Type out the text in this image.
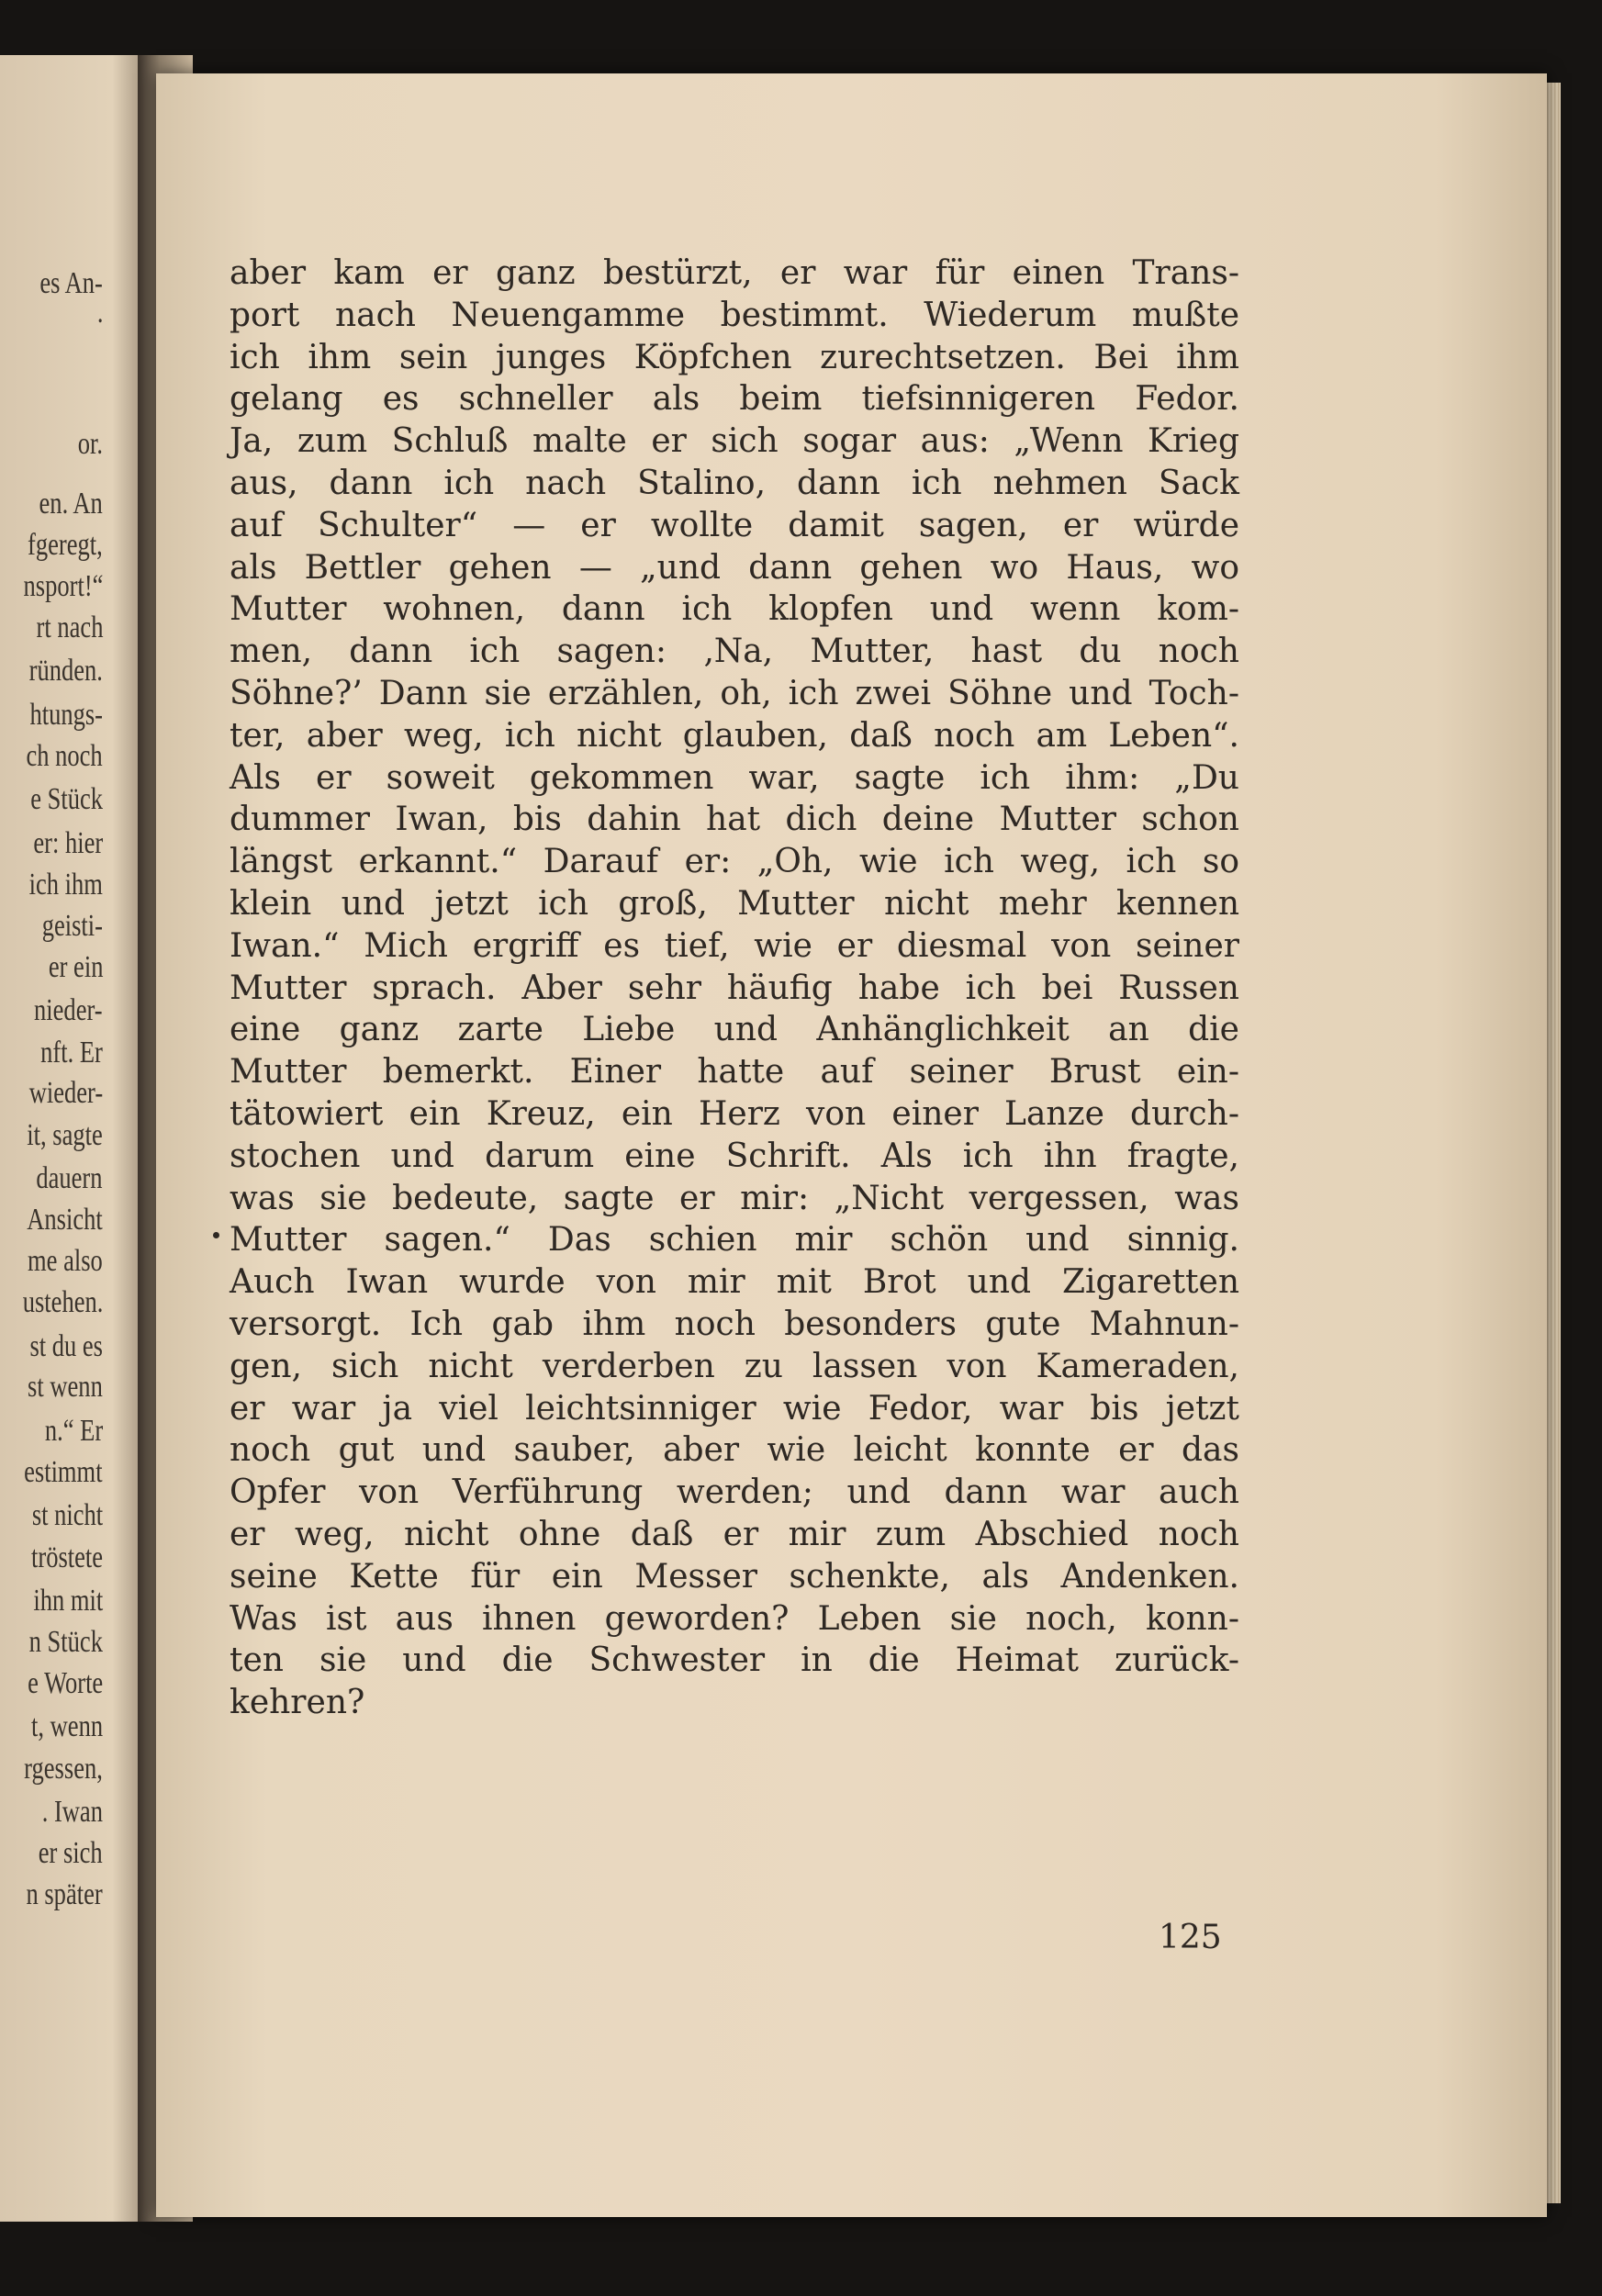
es An-
.
or.
en. An
fgeregt,
nsport!“
rt nach
ründen.
htungs-
ch noch
e Stück
er: hier
ich ihm
geisti-
er ein
nieder-
nft. Er
wieder-
it, sagte
dauern
Ansicht
me also
ustehen.
st du es
st wenn
n.“ Er
estimmt
st nicht
tröstete
ihn mit
n Stück
e Worte
t, wenn
rgessen,
. Iwan
er sich
n später
aber kam er ganz bestürzt, er war für einen Trans-
port nach Neuengamme bestimmt. Wiederum mußte
ich ihm sein junges Köpfchen zurechtsetzen. Bei ihm
gelang es schneller als beim tiefsinnigeren Fedor.
Ja, zum Schluß malte er sich sogar aus: „Wenn Krieg
aus, dann ich nach Stalino, dann ich nehmen Sack
auf Schulter“ — er wollte damit sagen, er würde
als Bettler gehen — „und dann gehen wo Haus, wo
Mutter wohnen, dann ich klopfen und wenn kom-
men, dann ich sagen: ‚Na, Mutter, hast du noch
Söhne?’ Dann sie erzählen, oh, ich zwei Söhne und Toch-
ter, aber weg, ich nicht glauben, daß noch am Leben“.
Als er soweit gekommen war, sagte ich ihm: „Du
dummer Iwan, bis dahin hat dich deine Mutter schon
längst erkannt.“ Darauf er: „Oh, wie ich weg, ich so
klein und jetzt ich groß, Mutter nicht mehr kennen
Iwan.“ Mich ergriff es tief, wie er diesmal von seiner
Mutter sprach. Aber sehr häufig habe ich bei Russen
eine ganz zarte Liebe und Anhänglichkeit an die
Mutter bemerkt. Einer hatte auf seiner Brust ein-
tätowiert ein Kreuz, ein Herz von einer Lanze durch-
stochen und darum eine Schrift. Als ich ihn fragte,
was sie bedeute, sagte er mir: „Nicht vergessen, was
Mutter sagen.“ Das schien mir schön und sinnig.
Auch Iwan wurde von mir mit Brot und Zigaretten
versorgt. Ich gab ihm noch besonders gute Mahnun-
gen, sich nicht verderben zu lassen von Kameraden,
er war ja viel leichtsinniger wie Fedor, war bis jetzt
noch gut und sauber, aber wie leicht konnte er das
Opfer von Verführung werden; und dann war auch
er weg, nicht ohne daß er mir zum Abschied noch
seine Kette für ein Messer schenkte, als Andenken.
Was ist aus ihnen geworden? Leben sie noch, konn-
ten sie und die Schwester in die Heimat zurück-
kehren?
125
